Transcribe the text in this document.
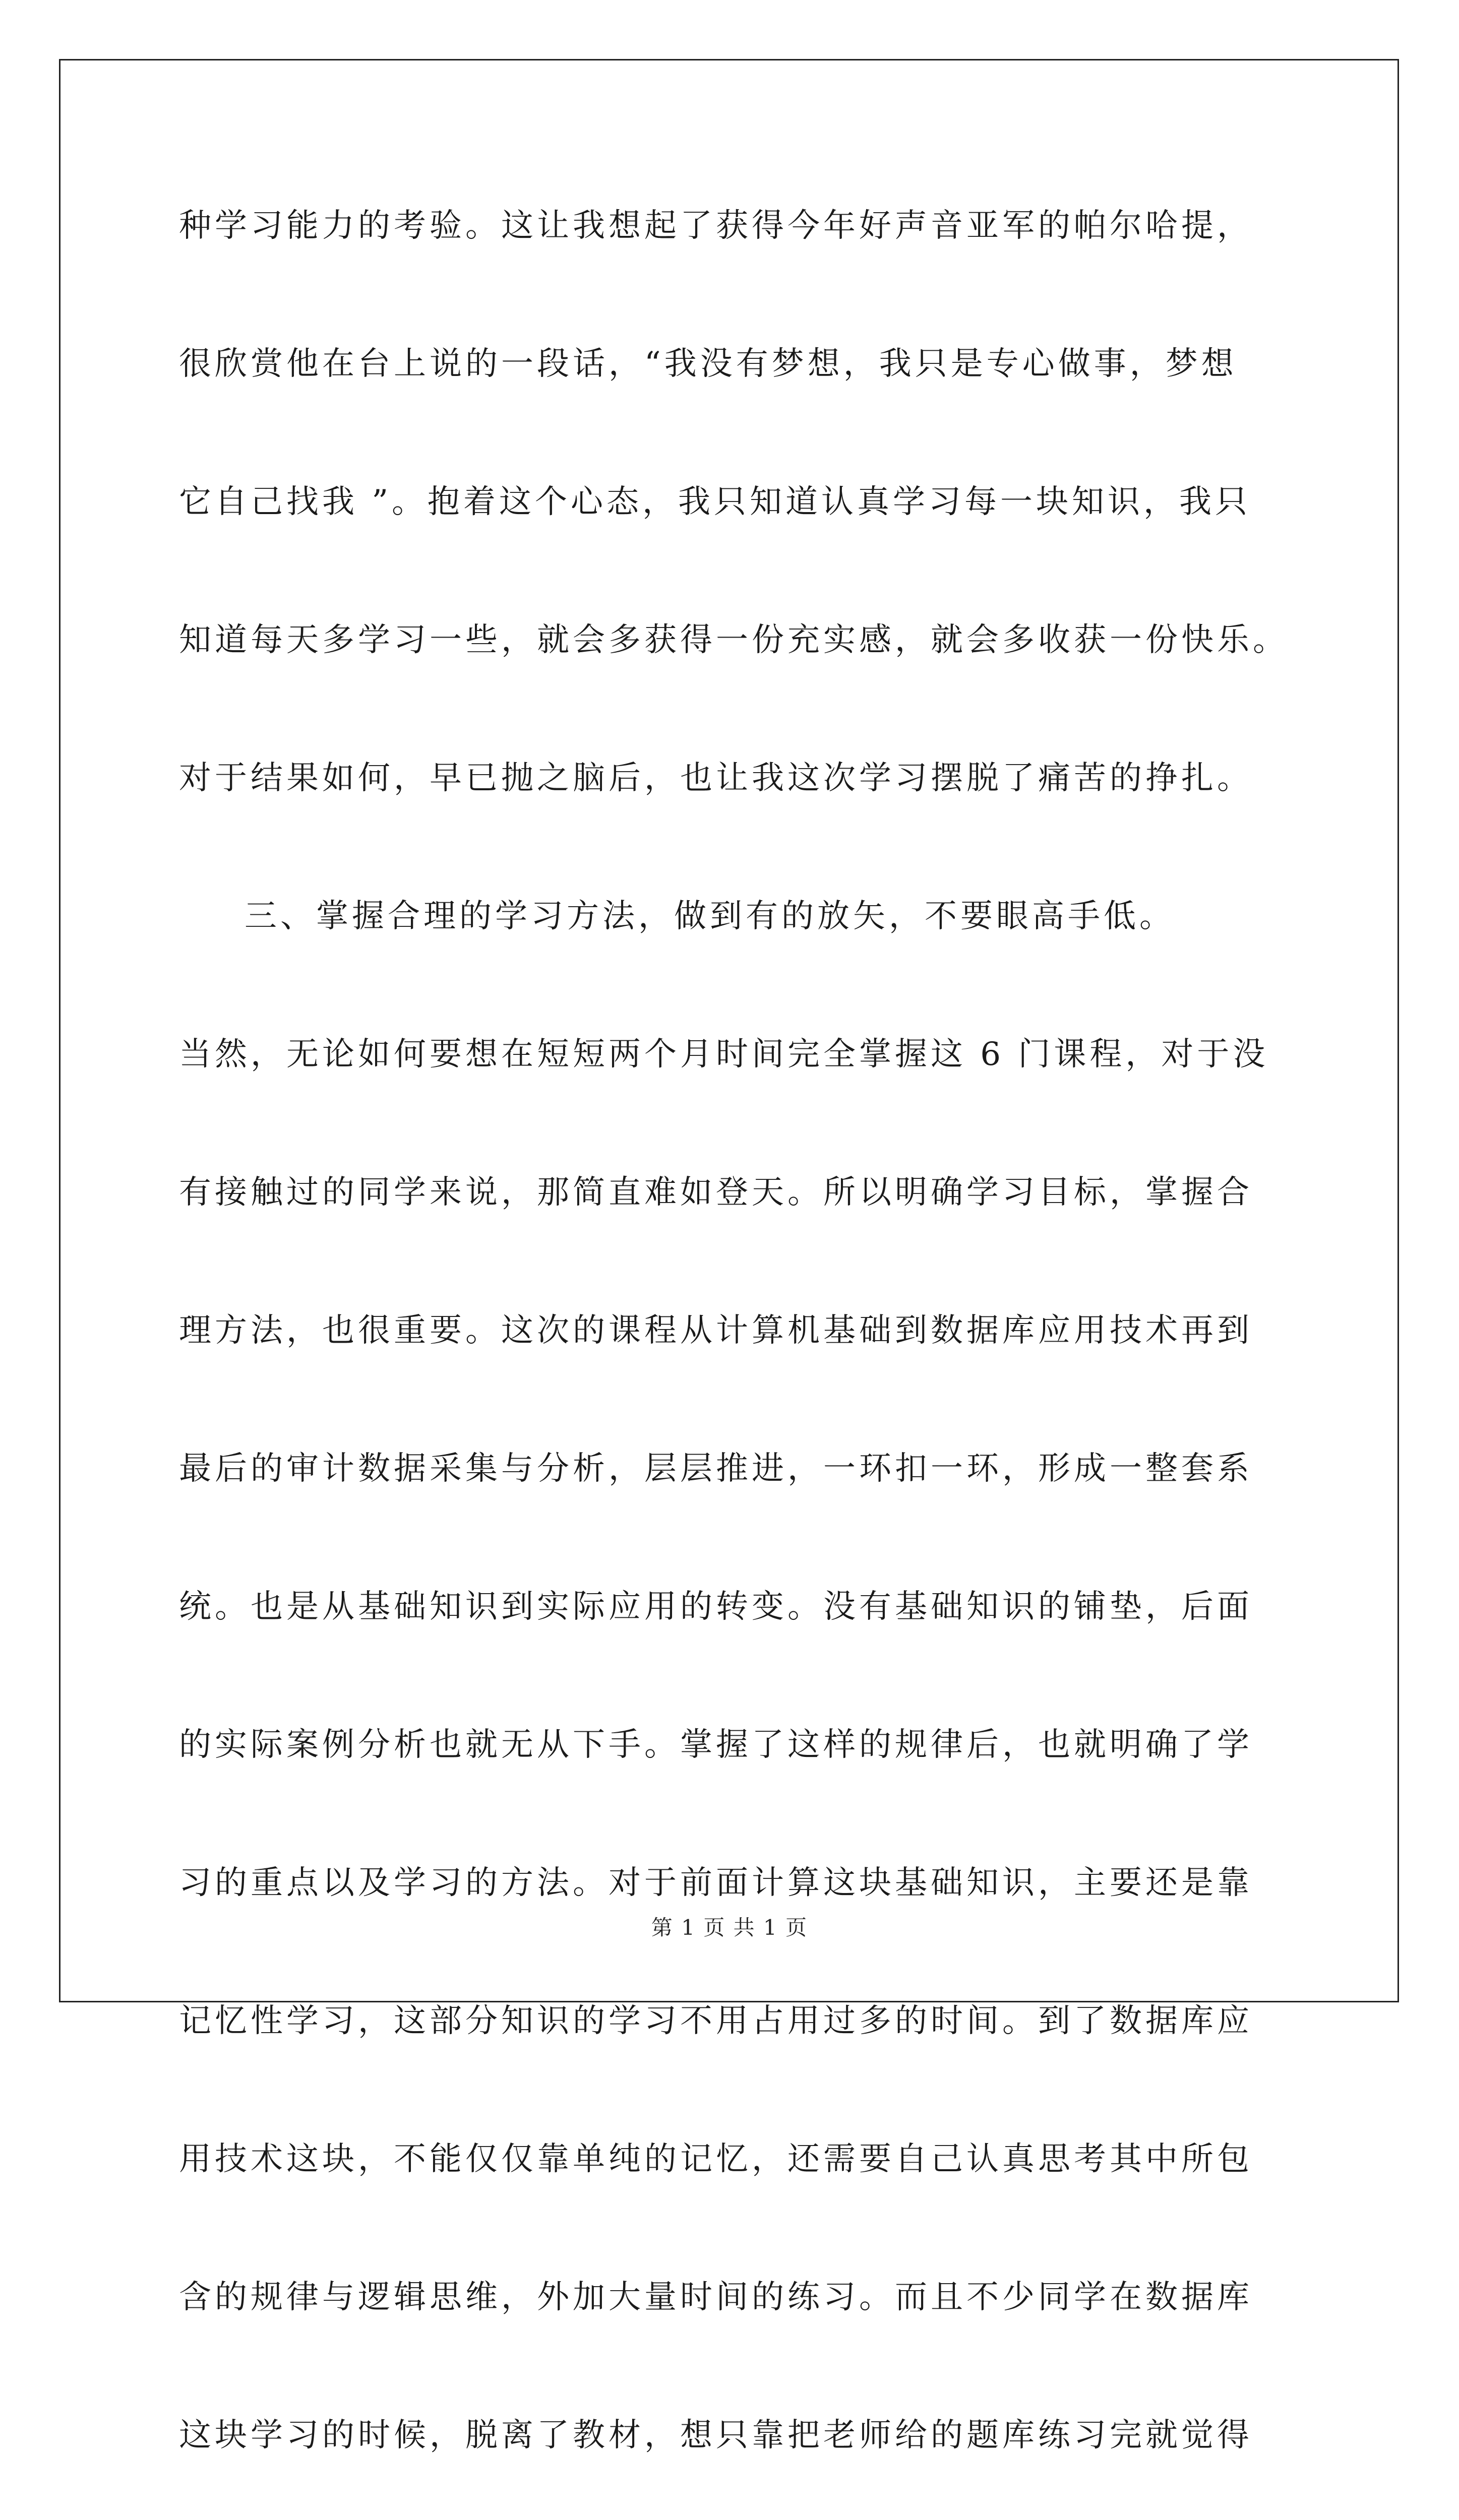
种学习能力的考验。这让我想起了获得今年好声音亚军的帕尔哈提，
很欣赏他在台上说的一段话，“我没有梦想，我只是专心做事，梦想
它自己找我 ”。抱着这个心态，我只知道认真学习每一块知识，我只
知道每天多学习一些，就会多获得一份充实感，就会多收获一份快乐。
对于结果如何，早已抛之脑后，也让我这次学习摆脱了痛苦的挣扎。
三、掌握合理的学习方法，做到有的放矢，不要眼高手低。
当然，无论如何要想在短短两个月时间完全掌握这 6 门课程，对于没
有接触过的同学来说，那简直难如登天。所以明确学习目标，掌握合
理方法，也很重要。这次的课程从计算机基础到数据库应用技术再到
最后的审计数据采集与分析，层层推进，一环扣一环，形成一整套系
统。也是从基础知识到实际应用的转变。没有基础知识的铺垫，后面
的实际案例分析也就无从下手。掌握了这样的规律后，也就明确了学
习的重点以及学习的方法。对于前面计算这块基础知识，主要还是靠
记忆性学习，这部分知识的学习不用占用过多的时间。到了数据库应
用技术这块，不能仅仅靠单纯的记忆，还需要自己认真思考其中所包
含的规律与逻辑思维，外加大量时间的练习。而且不少同学在数据库
这块学习的时候，脱离了教材，想只靠把老师给的题库练习完就觉得
第 1 页 共 1 页
